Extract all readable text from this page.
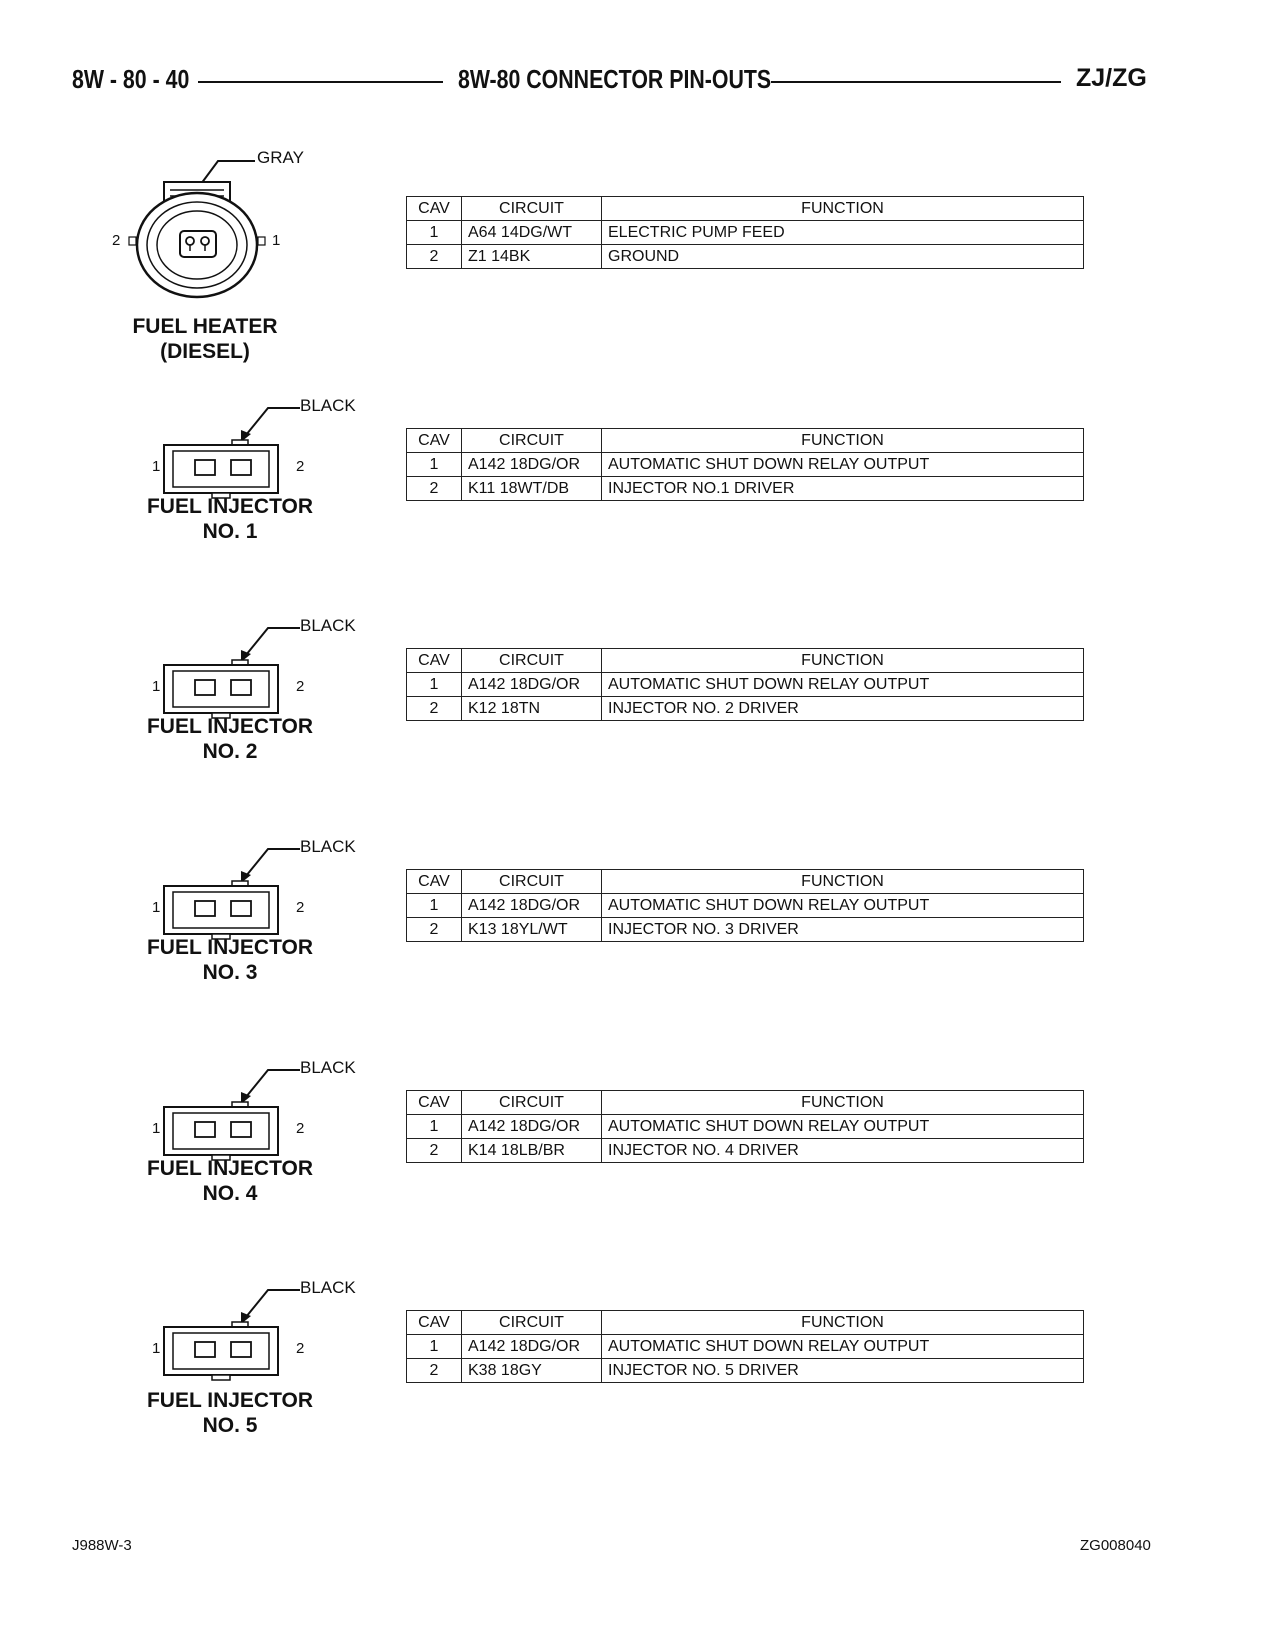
8W - 80 - 40	8W-80 CONNECTOR PIN-OUTS	ZJ/ZG
GRAY
2	1
FUEL HEATER
(DIESEL)
CAV	CIRCUIT	FUNCTION
1	A64 14DG/WT	ELECTRIC PUMP FEED
2	Z1 14BK	GROUND
BLACK
1	2
FUEL INJECTOR
NO. 1
CAV	CIRCUIT	FUNCTION
1	A142 18DG/OR	AUTOMATIC SHUT DOWN RELAY OUTPUT
2	K11 18WT/DB	INJECTOR NO.1 DRIVER
BLACK
1	2
FUEL INJECTOR
NO. 2
CAV	CIRCUIT	FUNCTION
1	A142 18DG/OR	AUTOMATIC SHUT DOWN RELAY OUTPUT
2	K12 18TN	INJECTOR NO. 2 DRIVER
BLACK
1	2
FUEL INJECTOR
NO. 3
CAV	CIRCUIT	FUNCTION
1	A142 18DG/OR	AUTOMATIC SHUT DOWN RELAY OUTPUT
2	K13 18YL/WT	INJECTOR NO. 3 DRIVER
BLACK
1	2
FUEL INJECTOR
NO. 4
CAV	CIRCUIT	FUNCTION
1	A142 18DG/OR	AUTOMATIC SHUT DOWN RELAY OUTPUT
2	K14 18LB/BR	INJECTOR NO. 4 DRIVER
BLACK
1	2
FUEL INJECTOR
NO. 5
CAV	CIRCUIT	FUNCTION
1	A142 18DG/OR	AUTOMATIC SHUT DOWN RELAY OUTPUT
2	K38 18GY	INJECTOR NO. 5 DRIVER
J988W-3	ZG008040
